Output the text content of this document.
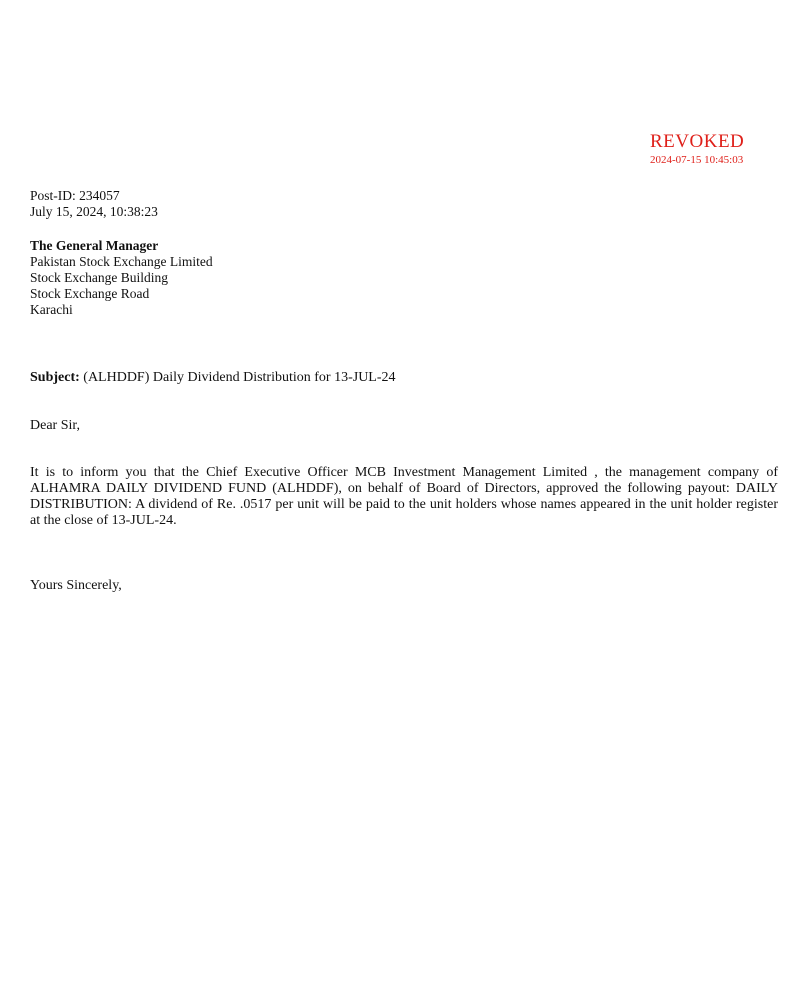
REVOKED
2024-07-15 10:45:03
Post-ID: 234057
July 15, 2024, 10:38:23
The General Manager
Pakistan Stock Exchange Limited
Stock Exchange Building
Stock Exchange Road
Karachi
Subject: (ALHDDF) Daily Dividend Distribution for 13-JUL-24
Dear Sir,
It is to inform you that the Chief Executive Officer MCB Investment Management Limited , the management company of ALHAMRA DAILY DIVIDEND FUND (ALHDDF), on behalf of Board of Directors, approved the following payout: DAILY DISTRIBUTION: A dividend of Re. .0517 per unit will be paid to the unit holders whose names appeared in the unit holder register at the close of 13-JUL-24.
Yours Sincerely,
